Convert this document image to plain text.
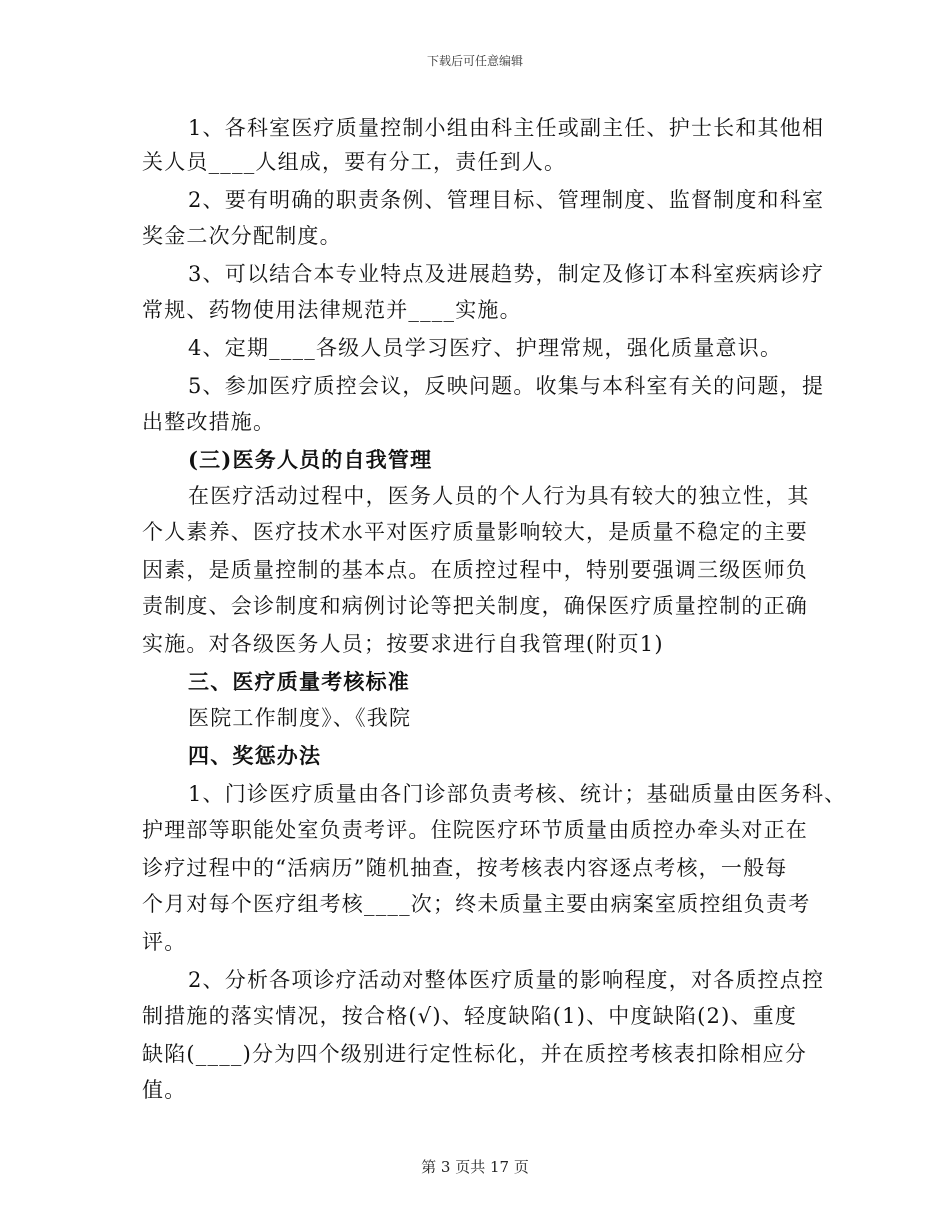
下载后可任意编辑
1、各科室医疗质量控制小组由科主任或副主任、护士长和其他相
关人员____人组成，要有分工，责任到人。
2、要有明确的职责条例、管理目标、管理制度、监督制度和科室
奖金二次分配制度。
3、可以结合本专业特点及进展趋势，制定及修订本科室疾病诊疗
常规、药物使用法律规范并____实施。
4、定期____各级人员学习医疗、护理常规，强化质量意识。
5、参加医疗质控会议，反映问题。收集与本科室有关的问题，提
出整改措施。
(三)医务人员的自我管理
在医疗活动过程中，医务人员的个人行为具有较大的独立性，其
个人素养、医疗技术水平对医疗质量影响较大，是质量不稳定的主要
因素，是质量控制的基本点。在质控过程中，特别要强调三级医师负
责制度、会诊制度和病例讨论等把关制度，确保医疗质量控制的正确
实施。对各级医务人员；按要求进行自我管理(附页1)
三、医疗质量考核标准
医院工作制度》、《我院
四、奖惩办法
1、门诊医疗质量由各门诊部负责考核、统计；基础质量由医务科、
护理部等职能处室负责考评。住院医疗环节质量由质控办牵头对正在
诊疗过程中的“活病历”随机抽查，按考核表内容逐点考核，一般每
个月对每个医疗组考核____次；终未质量主要由病案室质控组负责考
评。
2、分析各项诊疗活动对整体医疗质量的影响程度，对各质控点控
制措施的落实情况，按合格(√)、轻度缺陷(1)、中度缺陷(2)、重度
缺陷(____)分为四个级别进行定性标化，并在质控考核表扣除相应分
值。
第 3 页共 17 页
